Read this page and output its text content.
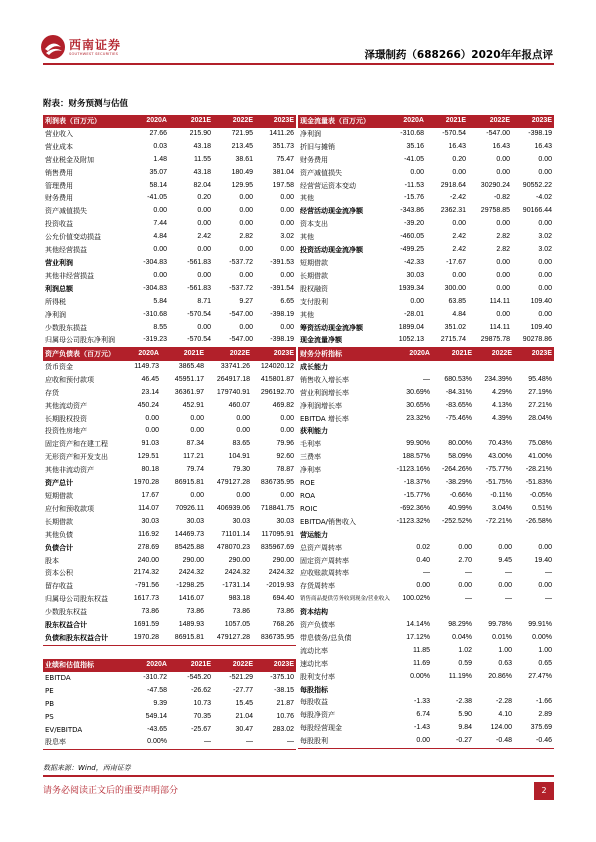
西南证券
SOUTHWEST SECURITIES	泽璟制药（688266）2020年年报点评
附表：财务预测与估值
利润表（百万元）	2020A	2021E	2022E	2023E
营业收入	27.66	215.90	721.95	1411.26
营业成本	0.03	43.18	213.45	351.73
营业税金及附加	1.48	11.55	38.61	75.47
销售费用	35.07	43.18	180.49	381.04
管理费用	58.14	82.04	129.95	197.58
财务费用	-41.05	0.20	0.00	0.00
资产减值损失	0.00	0.00	0.00	0.00
投资收益	7.44	0.00	0.00	0.00
公允价值变动损益	4.84	2.42	2.82	3.02
其他经营损益	0.00	0.00	0.00	0.00
营业利润	-304.83	-561.83	-537.72	-391.53
其他非经营损益	0.00	0.00	0.00	0.00
利润总额	-304.83	-561.83	-537.72	-391.54
所得税	5.84	8.71	9.27	6.65
净利润	-310.68	-570.54	-547.00	-398.19
少数股东损益	8.55	0.00	0.00	0.00
归属母公司股东净利润	-319.23	-570.54	-547.00	-398.19
现金流量表（百万元）	2020A	2021E	2022E	2023E
净利润	-310.68	-570.54	-547.00	-398.19
折旧与摊销	35.16	16.43	16.43	16.43
财务费用	-41.05	0.20	0.00	0.00
资产减值损失	0.00	0.00	0.00	0.00
经营营运资本变动	-11.53	2918.64	30290.24	90552.22
其他	-15.76	-2.42	-0.82	-4.02
经营活动现金流净额	-343.86	2362.31	29758.85	90166.44
资本支出	-39.20	0.00	0.00	0.00
其他	-460.05	2.42	2.82	3.02
投资活动现金流净额	-499.25	2.42	2.82	3.02
短期借款	-42.33	-17.67	0.00	0.00
长期借款	30.03	0.00	0.00	0.00
股权融资	1939.34	300.00	0.00	0.00
支付股利	0.00	63.85	114.11	109.40
其他	-28.01	4.84	0.00	0.00
筹资活动现金流净额	1899.04	351.02	114.11	109.40
现金流量净额	1052.13	2715.74	29875.78	90278.86
资产负债表（百万元）	2020A	2021E	2022E	2023E
货币资金	1149.73	3865.48	33741.26	124020.12
应收和预付款项	46.45	45951.17	264917.18	415801.87
存货	23.14	36361.97	179740.91	296192.70
其他流动资产	450.24	452.91	460.07	469.82
长期股权投资	0.00	0.00	0.00	0.00
投资性房地产	0.00	0.00	0.00	0.00
固定资产和在建工程	91.03	87.34	83.65	79.96
无形资产和开发支出	129.51	117.21	104.91	92.60
其他非流动资产	80.18	79.74	79.30	78.87
资产总计	1970.28	86915.81	479127.28	836735.95
短期借款	17.67	0.00	0.00	0.00
应付和预收款项	114.07	70926.11	406939.06	718841.75
长期借款	30.03	30.03	30.03	30.03
其他负债	116.92	14469.73	71101.14	117095.91
负债合计	278.69	85425.88	478070.23	835967.69
股本	240.00	290.00	290.00	290.00
资本公积	2174.32	2424.32	2424.32	2424.32
留存收益	-791.56	-1298.25	-1731.14	-2019.93
归属母公司股东权益	1617.73	1416.07	983.18	694.40
少数股东权益	73.86	73.86	73.86	73.86
股东权益合计	1691.59	1489.93	1057.05	768.26
负债和股东权益合计	1970.28	86915.81	479127.28	836735.95
财务分析指标	2020A	2021E	2022E	2023E
成长能力				
销售收入增长率	—	680.53%	234.39%	95.48%
营业利润增长率	30.69%	-84.31%	4.29%	27.19%
净利润增长率	30.65%	-83.65%	4.13%	27.21%
EBITDA 增长率	23.32%	-75.46%	4.39%	28.04%
获利能力				
毛利率	99.90%	80.00%	70.43%	75.08%
三费率	188.57%	58.09%	43.00%	41.00%
净利率	-1123.16%	-264.26%	-75.77%	-28.21%
ROE	-18.37%	-38.29%	-51.75%	-51.83%
ROA	-15.77%	-0.66%	-0.11%	-0.05%
ROIC	-692.36%	40.99%	3.04%	0.51%
EBITDA/销售收入	-1123.32%	-252.52%	-72.21%	-26.58%
营运能力				
总资产周转率	0.02	0.00	0.00	0.00
固定资产周转率	0.40	2.70	9.45	19.40
应收账款周转率	—	—	—	—
存货周转率	0.00	0.00	0.00	0.00
销售商品提供劳务收到现金/营业收入	100.02%	—	—	—
资本结构				
资产负债率	14.14%	98.29%	99.78%	99.91%
带息债务/总负债	17.12%	0.04%	0.01%	0.00%
流动比率	11.85	1.02	1.00	1.00
速动比率	11.69	0.59	0.63	0.65
股利支付率	0.00%	11.19%	20.86%	27.47%
每股指标				
每股收益	-1.33	-2.38	-2.28	-1.66
每股净资产	6.74	5.90	4.10	2.89
每股经营现金	-1.43	9.84	124.00	375.69
每股股利	0.00	-0.27	-0.48	-0.46
业绩和估值指标	2020A	2021E	2022E	2023E
EBITDA	-310.72	-545.20	-521.29	-375.10
PE	-47.58	-26.62	-27.77	-38.15
PB	9.39	10.73	15.45	21.87
PS	549.14	70.35	21.04	10.76
EV/EBITDA	-43.65	-25.67	30.47	283.02
股息率	0.00%	—	—	—
数据来源：Wind，西南证券
请务必阅读正文后的重要声明部分	2
